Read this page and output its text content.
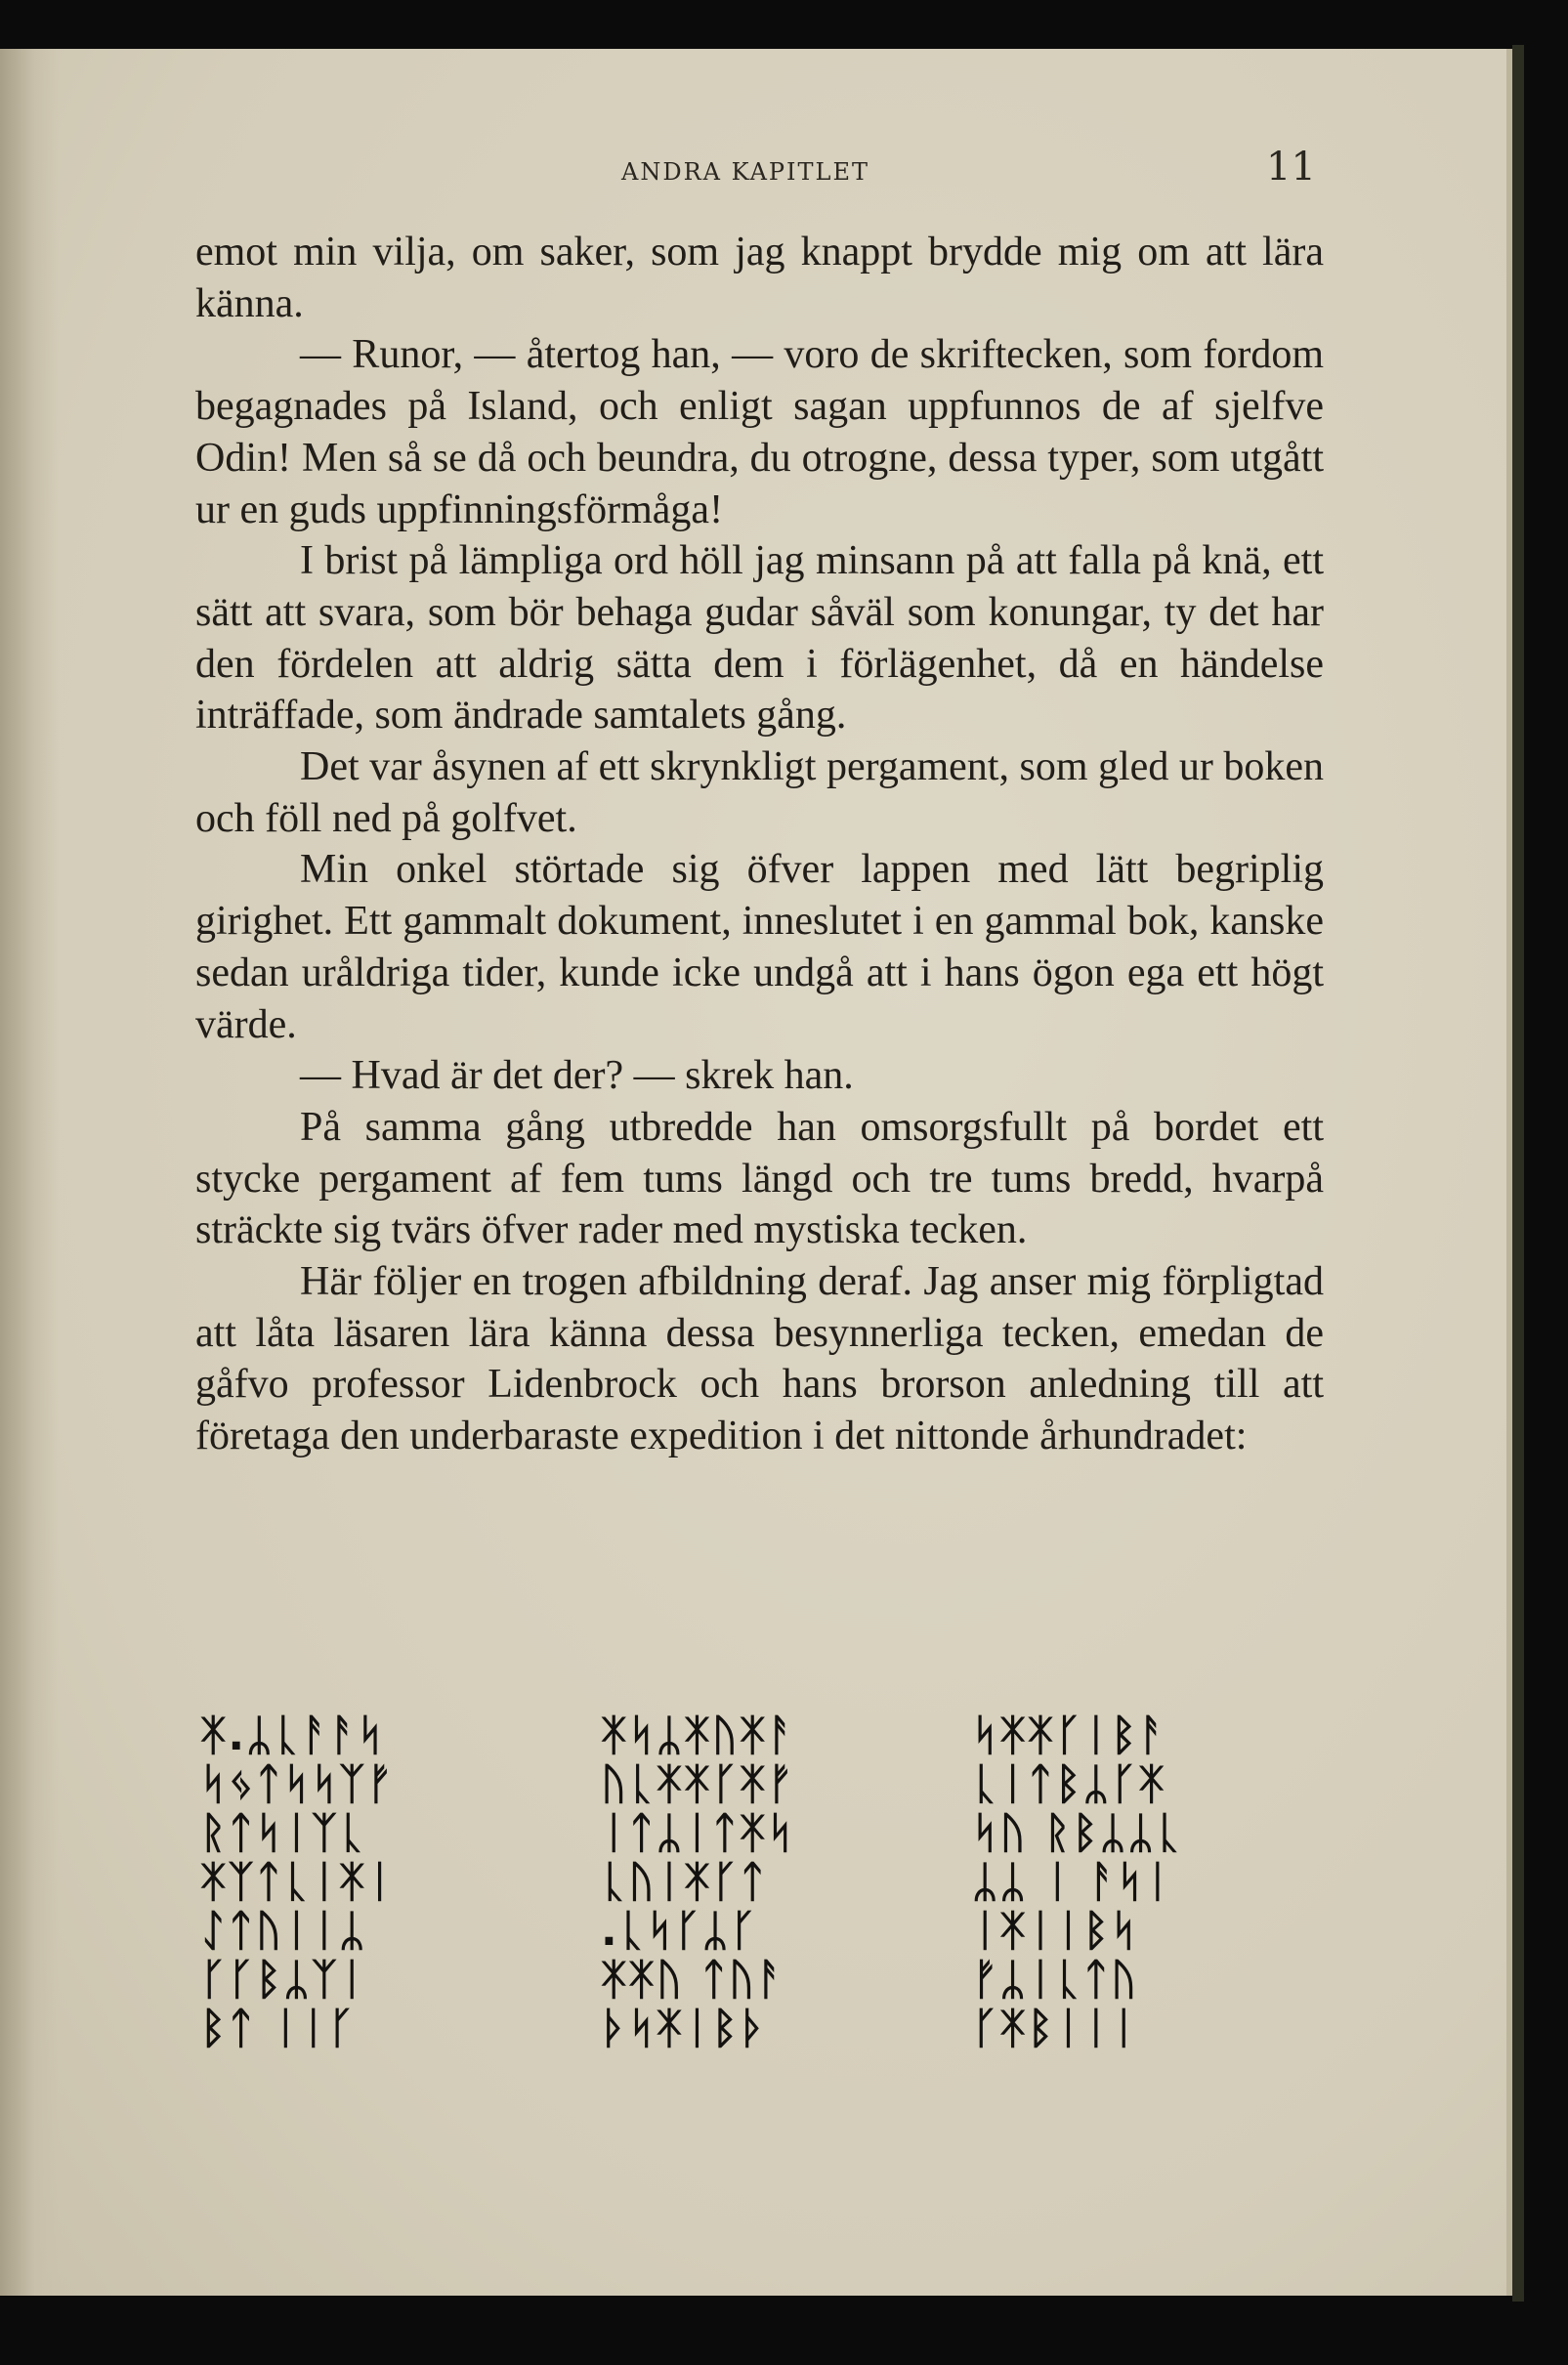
ANDRA KAPITLET	11

emot min vilja, om saker, som jag knappt brydde mig om att lära känna.

— Runor, — återtog han, — voro de skriftecken, som fordom begagnades på Island, och enligt sagan uppfunnos de af sjelfve Odin! Men så se då och beundra, du otrogne, dessa typer, som utgått ur en guds uppfinningsförmåga!

I brist på lämpliga ord höll jag minsann på att falla på knä, ett sätt att svara, som bör behaga gudar såväl som konungar, ty det har den fördelen att aldrig sätta dem i förlägenhet, då en händelse inträffade, som ändrade samtalets gång.

Det var åsynen af ett skrynkligt pergament, som gled ur boken och föll ned på golfvet.

Min onkel störtade sig öfver lappen med lätt begriplig girighet. Ett gammalt dokument, inneslutet i en gammal bok, kanske sedan uråldriga tider, kunde icke undgå att i hans ögon ega ett högt värde.

— Hvad är det der? — skrek han.

På samma gång utbredde han omsorgsfullt på bordet ett stycke pergament af fem tums längd och tre tums bredd, hvarpå sträckte sig tvärs öfver rader med mystiska tecken.

Här följer en trogen afbildning deraf. Jag anser mig förpligtad att låta läsaren lära känna dessa besynnerliga tecken, emedan de gåfvo professor Lidenbrock och hans brorson anledning till att företaga den underbaraste expedition i det nittonde århundradet:

ᛡ.ᛦᚳᚨᚨᛋ
ᛋᛃᛏᛋᛋᛉᚠ
ᚱᛏᛋᛁᛉᚳ
ᛡᛉᛏᚳᛁᛡᛁ
ᛇᛏᚢᛁᛁᛦ
ᚴᚴᛒᛦᛉᛁ
ᛒᛏ ᛁᛁᚴ
ᛡᛋᛦᛡᚢᛡᚨ
ᚢᚳᛡᛡᚴᛡᚠ
ᛁᛏᛦᛁᛏᛡᛋ
ᚳᚢᛁᛡᚴᛏ
.ᚳᛋᚴᛦᚴ
ᛡᛡᚢ ᛏᚢᚨ
ᚦᛋᛡᛁᛒᚦ
ᛋᛡᛡᚴᛁᛒᚨ
ᚳᛁᛏᛒᛦᚴᛡ
ᛋᚢ ᚱᛒᛦᛦᚳ
ᛦᛦ ᛁ ᚨᛋᛁ
ᛁᛡᛁᛁᛒᛋ
ᚠᛦᛁᚳᛏᚢ
ᚴᛡᛒᛁᛁᛁ
